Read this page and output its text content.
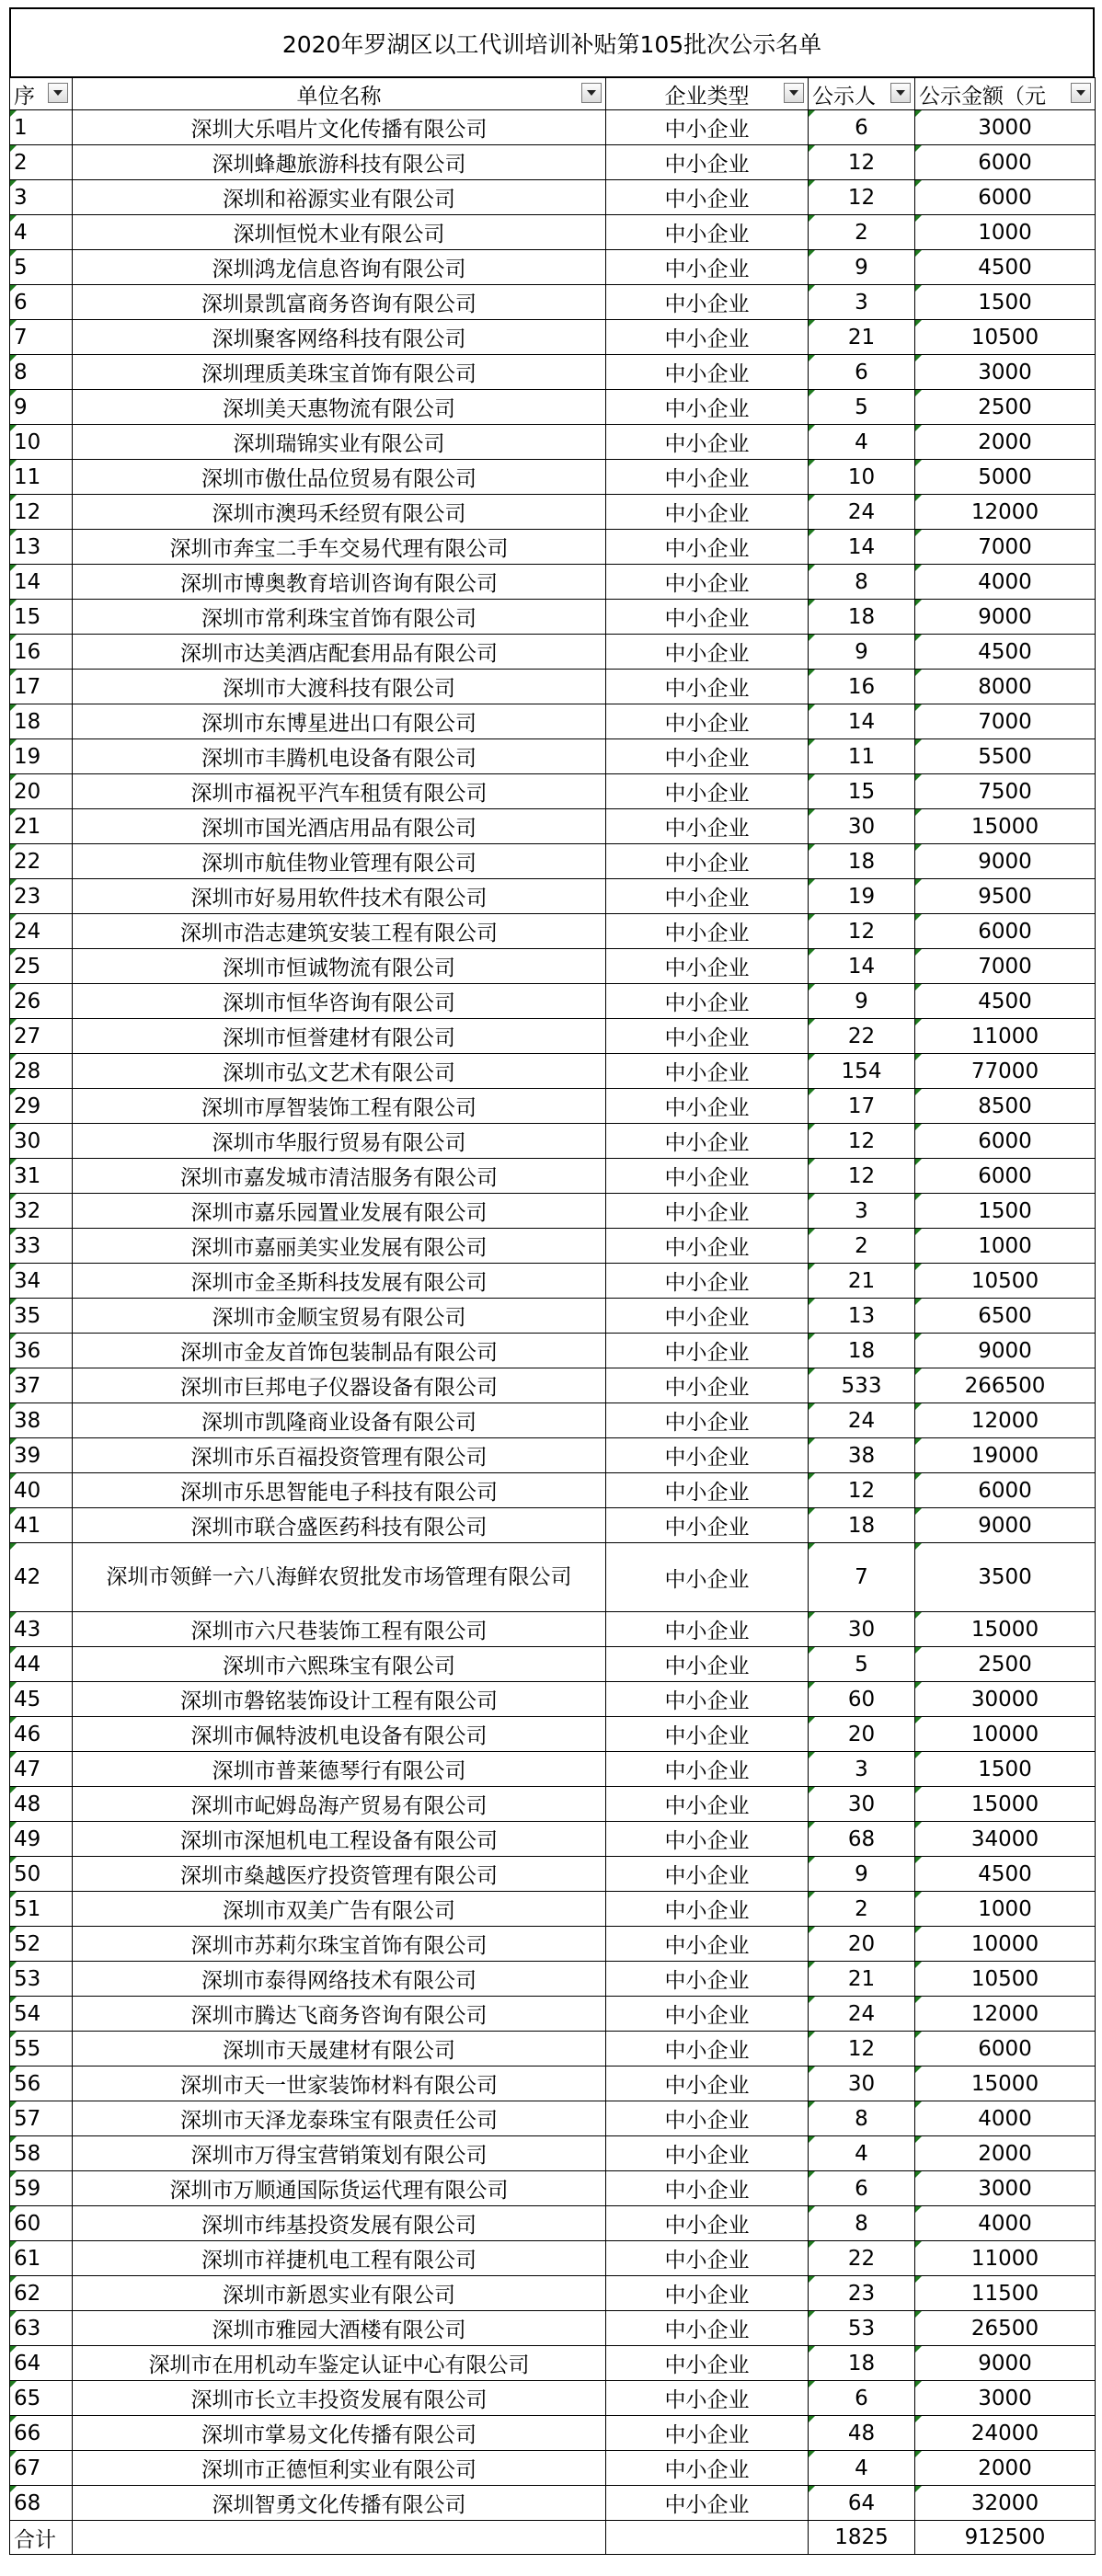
2020年罗湖区以工代训培训补贴第105批次公示名单
序	单位名称	企业类型	公示人	公示金额（元

1	深圳大乐唱片文化传播有限公司	中小企业	6	3000

2	深圳蜂趣旅游科技有限公司	中小企业	12	6000

3	深圳和裕源实业有限公司	中小企业	12	6000

4	深圳恒悦木业有限公司	中小企业	2	1000

5	深圳鸿龙信息咨询有限公司	中小企业	9	4500

6	深圳景凯富商务咨询有限公司	中小企业	3	1500

7	深圳聚客网络科技有限公司	中小企业	21	10500

8	深圳理质美珠宝首饰有限公司	中小企业	6	3000

9	深圳美天惠物流有限公司	中小企业	5	2500

10	深圳瑞锦实业有限公司	中小企业	4	2000

11	深圳市傲仕品位贸易有限公司	中小企业	10	5000

12	深圳市澳玛禾经贸有限公司	中小企业	24	12000

13	深圳市奔宝二手车交易代理有限公司	中小企业	14	7000

14	深圳市博奥教育培训咨询有限公司	中小企业	8	4000

15	深圳市常利珠宝首饰有限公司	中小企业	18	9000

16	深圳市达美酒店配套用品有限公司	中小企业	9	4500

17	深圳市大渡科技有限公司	中小企业	16	8000

18	深圳市东博星进出口有限公司	中小企业	14	7000

19	深圳市丰腾机电设备有限公司	中小企业	11	5500

20	深圳市福祝平汽车租赁有限公司	中小企业	15	7500

21	深圳市国光酒店用品有限公司	中小企业	30	15000

22	深圳市航佳物业管理有限公司	中小企业	18	9000

23	深圳市好易用软件技术有限公司	中小企业	19	9500

24	深圳市浩志建筑安装工程有限公司	中小企业	12	6000

25	深圳市恒诚物流有限公司	中小企业	14	7000

26	深圳市恒华咨询有限公司	中小企业	9	4500

27	深圳市恒誉建材有限公司	中小企业	22	11000

28	深圳市弘文艺术有限公司	中小企业	154	77000

29	深圳市厚智装饰工程有限公司	中小企业	17	8500

30	深圳市华服行贸易有限公司	中小企业	12	6000

31	深圳市嘉发城市清洁服务有限公司	中小企业	12	6000

32	深圳市嘉乐园置业发展有限公司	中小企业	3	1500

33	深圳市嘉丽美实业发展有限公司	中小企业	2	1000

34	深圳市金圣斯科技发展有限公司	中小企业	21	10500

35	深圳市金顺宝贸易有限公司	中小企业	13	6500

36	深圳市金友首饰包装制品有限公司	中小企业	18	9000

37	深圳市巨邦电子仪器设备有限公司	中小企业	533	266500

38	深圳市凯隆商业设备有限公司	中小企业	24	12000

39	深圳市乐百福投资管理有限公司	中小企业	38	19000

40	深圳市乐思智能电子科技有限公司	中小企业	12	6000

41	深圳市联合盛医药科技有限公司	中小企业	18	9000

42	深圳市领鲜一六八海鲜农贸批发市场管理有限公司	中小企业	7	3500

43	深圳市六尺巷装饰工程有限公司	中小企业	30	15000

44	深圳市六熙珠宝有限公司	中小企业	5	2500

45	深圳市磐铭装饰设计工程有限公司	中小企业	60	30000

46	深圳市佩特波机电设备有限公司	中小企业	20	10000

47	深圳市普莱德琴行有限公司	中小企业	3	1500

48	深圳市屺姆岛海产贸易有限公司	中小企业	30	15000

49	深圳市深旭机电工程设备有限公司	中小企业	68	34000

50	深圳市燊越医疗投资管理有限公司	中小企业	9	4500

51	深圳市双美广告有限公司	中小企业	2	1000

52	深圳市苏莉尔珠宝首饰有限公司	中小企业	20	10000

53	深圳市泰得网络技术有限公司	中小企业	21	10500

54	深圳市腾达飞商务咨询有限公司	中小企业	24	12000

55	深圳市天晟建材有限公司	中小企业	12	6000

56	深圳市天一世家装饰材料有限公司	中小企业	30	15000

57	深圳市天泽龙泰珠宝有限责任公司	中小企业	8	4000

58	深圳市万得宝营销策划有限公司	中小企业	4	2000

59	深圳市万顺通国际货运代理有限公司	中小企业	6	3000

60	深圳市纬基投资发展有限公司	中小企业	8	4000

61	深圳市祥捷机电工程有限公司	中小企业	22	11000

62	深圳市新恩实业有限公司	中小企业	23	11500

63	深圳市雅园大酒楼有限公司	中小企业	53	26500

64	深圳市在用机动车鉴定认证中心有限公司	中小企业	18	9000

65	深圳市长立丰投资发展有限公司	中小企业	6	3000

66	深圳市掌易文化传播有限公司	中小企业	48	24000

67	深圳市正德恒利实业有限公司	中小企业	4	2000

68	深圳智勇文化传播有限公司	中小企业	64	32000

合计			1825	912500
